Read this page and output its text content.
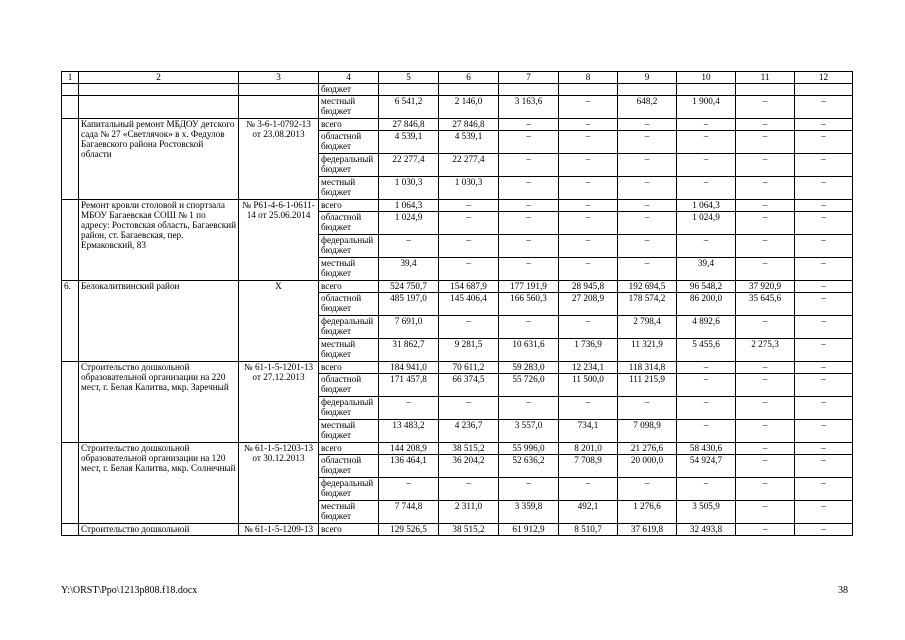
1	2	3	4	5	6	7	8	9	10	11	12
			бюджет								
			местный бюджет	6 541,2	2 146,0	3 163,6	–	648,2	1 900,4	–	–
	Капитальный ремонт МБДОУ детского сада № 27 «Светлячок» в х. Федулов Багаевского района Ростовской области	№ 3-6-1-0792-13 от 23.08.2013	всего	27 846,8	27 846,8	–	–	–	–	–	–
			областной бюджет	4 539,1	4 539,1	–	–	–	–	–	–
			федеральный бюджет	22 277,4	22 277,4	–	–	–	–	–	–
			местный бюджет	1 030,3	1 030,3	–	–	–	–	–	–
	Ремонт кровли столовой и спортзала МБОУ Багаевская СОШ № 1 по адресу: Ростовская область, Багаевский район, ст. Багаевская, пер. Ермаковский, 83	№ Р61-4-6-1-0611-14 от 25.06.2014	всего	1 064,3	–	–	–	–	1 064,3	–	–
			областной бюджет	1 024,9	–	–	–	–	1 024,9	–	–
			федеральный бюджет	–	–	–	–	–	–	–	–
			местный бюджет	39,4	–	–	–	–	39,4	–	–
6.	Белокалитвинский район	Х	всего	524 750,7	154 687,9	177 191,9	28 945,8	192 694,5	96 548,2	37 920,9	–
			областной бюджет	485 197,0	145 406,4	166 560,3	27 208,9	178 574,2	86 200,0	35 645,6	–
			федеральный бюджет	7 691,0	–	–	–	2 798,4	4 892,6	–	–
			местный бюджет	31 862,7	9 281,5	10 631,6	1 736,9	11 321,9	5 455,6	2 275,3	–
	Строительство дошкольной образовательной организации на 220 мест, г. Белая Калитва, мкр. Заречный	№ 61-1-5-1201-13 от 27.12.2013	всего	184 941,0	70 611,2	59 283,0	12 234,1	118 314,8	–	–	–
			областной бюджет	171 457,8	66 374,5	55 726,0	11 500,0	111 215,9	–	–	–
			федеральный бюджет	–	–	–	–	–	–	–	–
			местный бюджет	13 483,2	4 236,7	3 557,0	734,1	7 098,9	–	–	–
	Строительство дошкольной образовательной организации на 120 мест, г. Белая Калитва, мкр. Солнечный	№ 61-1-5-1203-13 от 30.12.2013	всего	144 208,9	38 515,2	55 996,0	8 201,0	21 276,6	58 430,6	–	–
			областной бюджет	136 464,1	36 204,2	52 636,2	7 708,9	20 000,0	54 924,7	–	–
			федеральный бюджет	–	–	–	–	–	–	–	–
			местный бюджет	7 744,8	2 311,0	3 359,8	492,1	1 276,6	3 505,9	–	–
	Строительство дошкольной	№ 61-1-5-1209-13	всего	129 526,5	38 515,2	61 912,9	8 510,7	37 619,8	32 493,8	–	–
Y:\ORST\Ppo\1213p808.f18.docx	38
